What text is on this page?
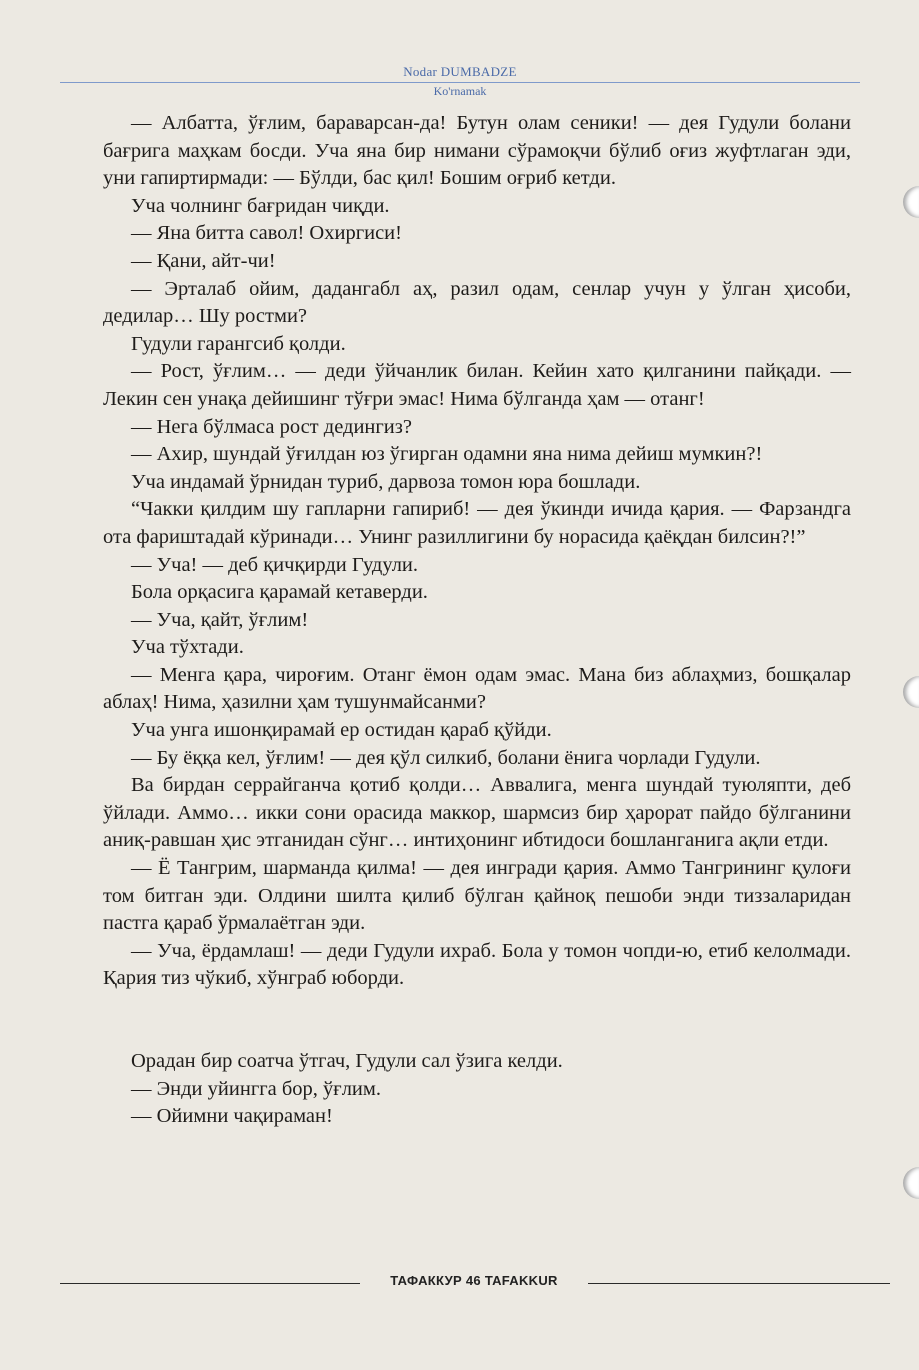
Nodar DUMBADZE
Ko'rnamak

— Албатта, ўғлим, бараварсан-да! Бутун олам сеники! — дея Гудули болани бағрига маҳкам босди. Уча яна бир нимани сўрамоқчи бўлиб оғиз жуфтлаган эди, уни гапиртирмади: — Бўлди, бас қил! Бошим оғриб кетди.

Уча чолнинг бағридан чиқди.

— Яна битта савол! Охиргиси!

— Қани, айт-чи!

— Эрталаб ойим, дадангабл аҳ, разил одам, сенлар учун у ўлган ҳисоби, дедилар… Шу ростми?

Гудули гарангсиб қолди.

— Рост, ўғлим… — деди ўйчанлик билан. Кейин хато қилганини пайқади. — Лекин сен унақа дейишинг тўғри эмас! Нима бўлганда ҳам — отанг!

— Нега бўлмаса рост дедингиз?

— Ахир, шундай ўғилдан юз ўгирган одамни яна нима дейиш мумкин?!

Уча индамай ўрнидан туриб, дарвоза томон юра бошлади.

“Чакки қилдим шу гапларни гапириб! — дея ўкинди ичида қария. — Фарзандга ота фариштадай кўринади… Унинг разиллигини бу норасида қаёқдан билсин?!”

— Уча! — деб қичқирди Гудули.

Бола орқасига қарамай кетаверди.

— Уча, қайт, ўғлим!

Уча тўхтади.

— Менга қара, чироғим. Отанг ёмон одам эмас. Мана биз аблаҳмиз, бошқалар аблаҳ! Нима, ҳазилни ҳам тушунмайсанми?

Уча унга ишонқирамай ер остидан қараб қўйди.

— Бу ёққа кел, ўғлим! — дея қўл силкиб, болани ёнига чорлади Гудули.

Ва бирдан серрайганча қотиб қолди… Аввалига, менга шундай туюляпти, деб ўйлади. Аммо… икки сони орасида маккор, шармсиз бир ҳарорат пайдо бўлганини аниқ-равшан ҳис этганидан сўнг… интиҳонинг ибтидоси бошланганига ақли етди.

— Ё Тангрим, шарманда қилма! — дея ингради қария. Аммо Тангрининг қулоғи том битган эди. Олдини шилта қилиб бўлган қайноқ пешоби энди тиззаларидан пастга қараб ўрмалаётган эди.

— Уча, ёрдамлаш! — деди Гудули ихраб. Бола у томон чопди-ю, етиб келолмади. Қария тиз чўкиб, хўнграб юборди.

Орадан бир соатча ўтгач, Гудули сал ўзига келди.

— Энди уйингга бор, ўғлим.

— Ойимни чақираман!

ТАФАККУР 46 TAFAKKUR
